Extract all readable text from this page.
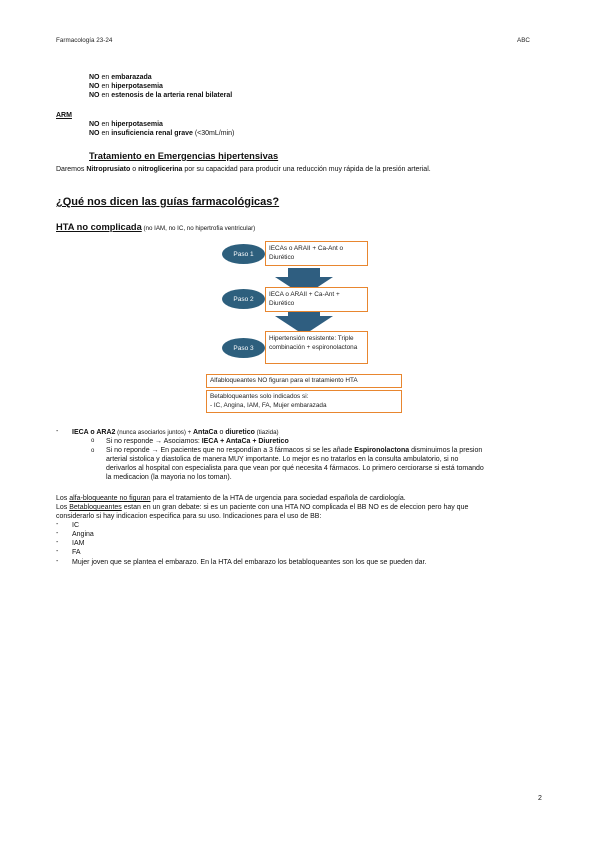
Farmacología 23-24	ABC
NO en embarazada
NO en hiperpotasemia
NO en estenosis de la arteria renal bilateral
ARM
NO en hiperpotasemia
NO en insuficiencia renal grave (<30mL/min)
Tratamiento en Emergencias hipertensivas
Daremos Nitroprusiato o nitroglicerina por su capacidad para producir una reducción muy rápida de la presión arterial.
¿Qué nos dicen las guías farmacológicas?
HTA no complicada (no IAM, no IC, no hipertrofia ventricular)
Paso 1
IECAs o ARAII + Ca-Ant o Diurético
Paso 2
IECA o ARAII + Ca-Ant + Diurético
Paso 3
Hipertensión resistente: Triple combinación + espironolactona
Alfabloqueantes NO figuran para el tratamiento HTA
Betabloqueantes solo indicados si:
- IC, Angina, IAM, FA, Mujer embarazada
- IECA o ARA2 (nunca asociarlos juntos) + AntaCa o diuretico (tiazida)
o Si no responde → Asociamos: IECA + AntaCa + Diuretico
o Si no reponde → En pacientes que no respondían a 3 fármacos si se les añade Espironolactona disminuimos la presion
arterial sistolica y diastolica de manera MUY importante. Lo mejor es no tratarlos en la consulta ambulatorio, si no
derivarlos al hospital con especialista para que vean por qué necesita 4 fármacos. Lo primero cerciorarse si está tomando
la medicacion (la mayoria no los toman).
Los alfa-bloqueante no figuran para el tratamiento de la HTA de urgencia para sociedad española de cardiología.
Los Betabloqueantes estan en un gran debate: si es un paciente con una HTA NO complicada el BB NO es de eleccion pero hay que
considerarlo si hay indicacion especifica para su uso. Indicaciones para el uso de BB:
- IC
- Angina
- IAM
- FA
- Mujer joven que se plantea el embarazo. En la HTA del embarazo los betabloqueantes son los que se pueden dar.
2
